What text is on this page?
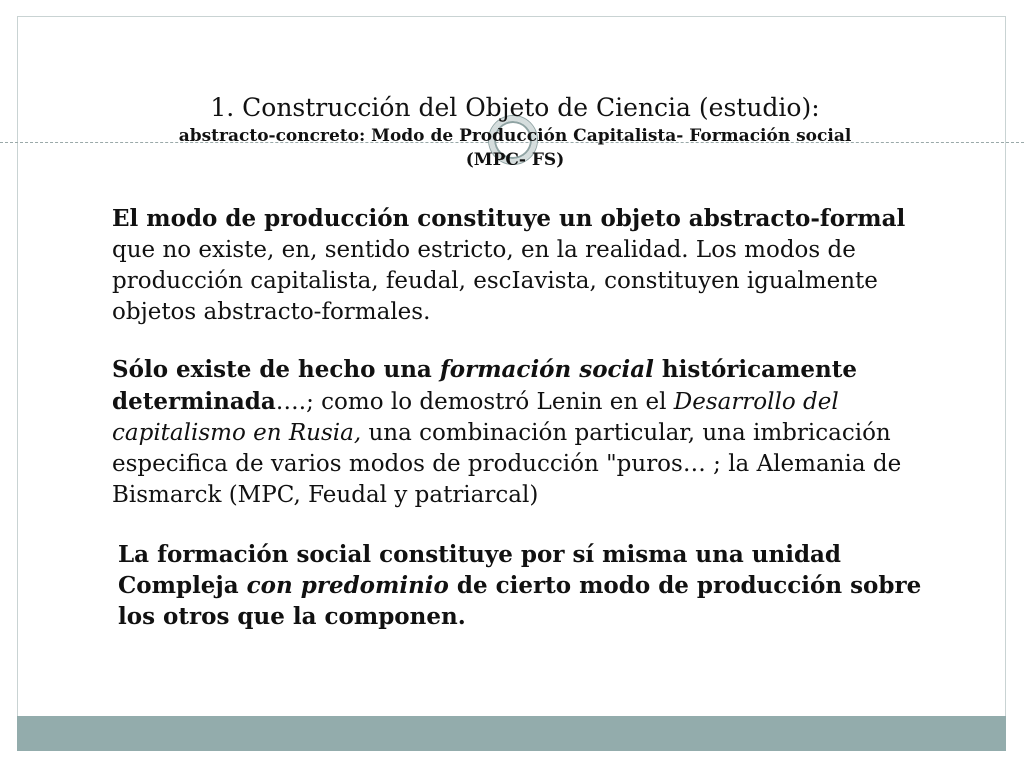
1. Construcción del Objeto de Ciencia (estudio):
abstracto-concreto: Modo de Producción Capitalista- Formación social
(MPC- FS)

El modo de producción constituye un objeto abstracto-formal que no existe, en, sentido estricto, en la realidad. Los modos de producción capitalista, feudal, escIavista, constituyen igualmente objetos abstracto-formales.

Sólo existe de hecho una formación social históricamente determinada….; como lo demostró Lenin en el Desarrollo del capitalismo en Rusia, una combinación particular, una imbricación especifica de varios modos de producción "puros… ; la Alemania de Bismarck (MPC, Feudal y patriarcal)

La formación social constituye por sí misma una unidad Compleja con predominio de cierto modo de producción sobre los otros que la componen.
